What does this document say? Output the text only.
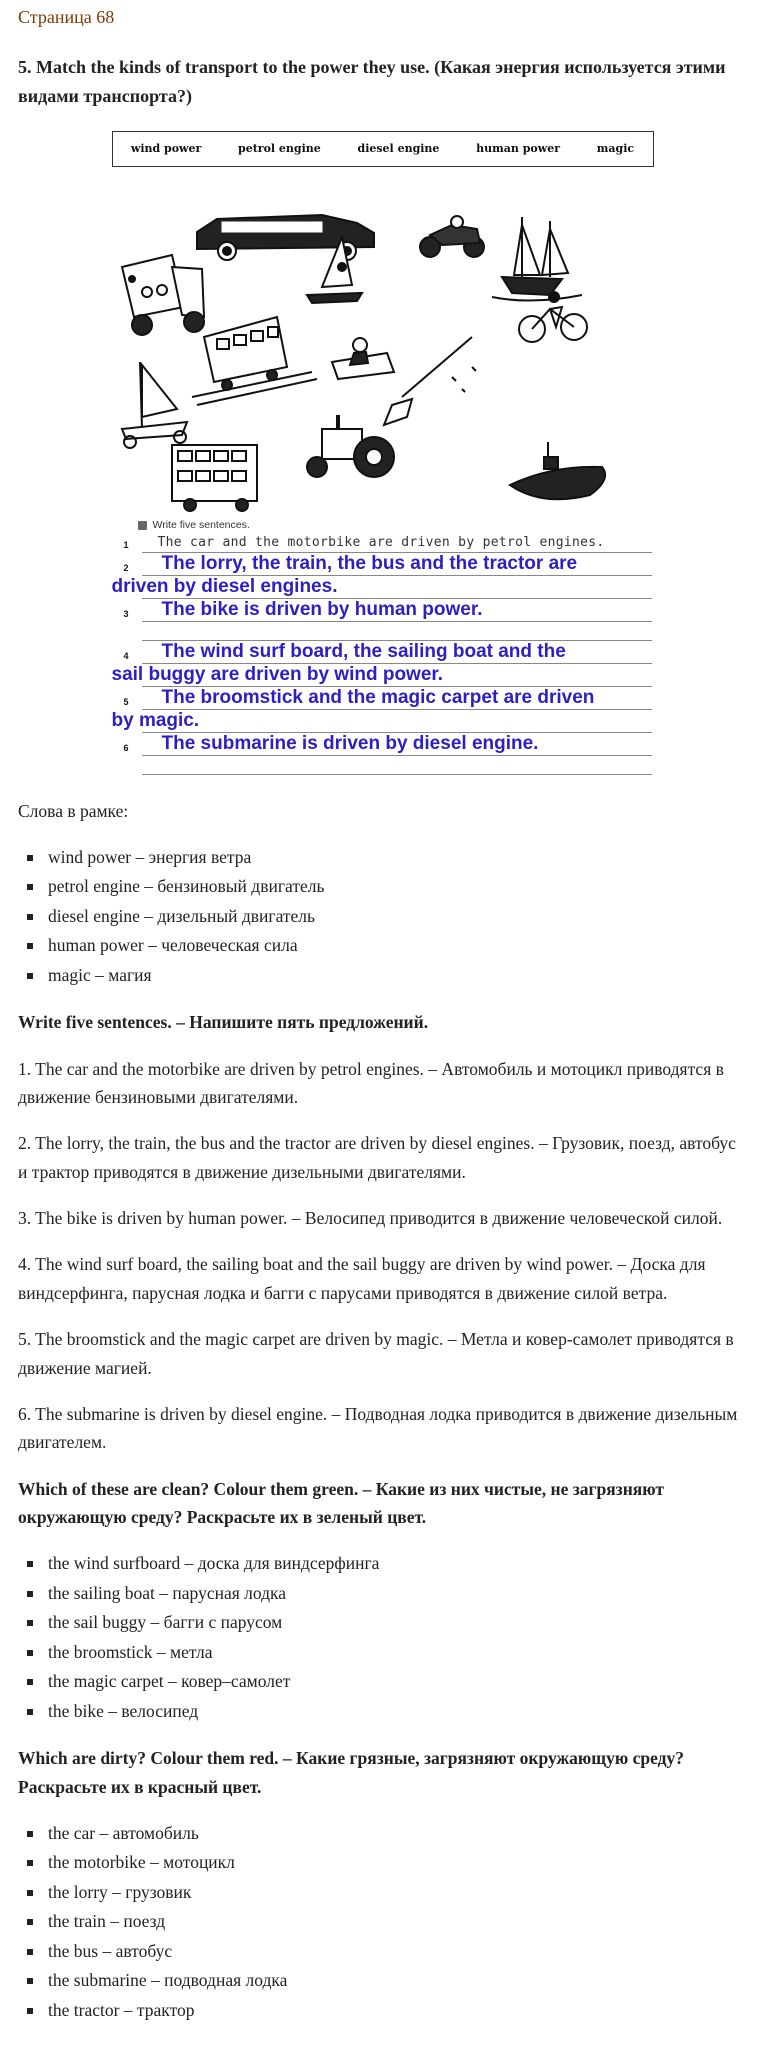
Страница 68
5. Match the kinds of transport to the power they use. (Какая энергия используется этими видами транспорта?)
wind power	petrol engine	diesel engine	human power	magic
Write five sentences.
1	The car and the motorbike are driven by petrol engines.
2	The lorry, the train, the bus and the tractor are
driven by diesel engines.
3	The bike is driven by human power.
4	The wind surf board, the sailing boat and the
sail buggy are driven by wind power.
5	The broomstick and the magic carpet are driven
by magic.
6	The submarine is driven by diesel engine.

Слова в рамке:

wind power – энергия ветра
petrol engine – бензиновый двигатель
diesel engine – дизельный двигатель
human power – человеческая сила
magic – магия

Write five sentences. – Напишите пять предложений.

1. The car and the motorbike are driven by petrol engines. – Автомобиль и мотоцикл приводятся в движение бензиновыми двигателями.

2. The lorry, the train, the bus and the tractor are driven by diesel engines. – Грузовик, поезд, автобус и трактор приводятся в движение дизельными двигателями.

3. The bike is driven by human power. – Велосипед приводится в движение человеческой силой.

4. The wind surf board, the sailing boat and the sail buggy are driven by wind power. – Доска для виндсерфинга, парусная лодка и багги с парусами приводятся в движение силой ветра.

5. The broomstick and the magic carpet are driven by magic. – Метла и ковер-самолет приводятся в движение магией.

6. The submarine is driven by diesel engine. – Подводная лодка приводится в движение дизельным двигателем.

Which of these are clean? Colour them green. – Какие из них чистые, не загрязняют окружающую среду? Раскрасьте их в зеленый цвет.

the wind surfboard – доска для виндсерфинга
the sailing boat – парусная лодка
the sail buggy – багги с парусом
the broomstick – метла
the magic carpet – ковер–самолет
the bike – велосипед

Which are dirty? Colour them red. – Какие грязные, загрязняют окружающую среду? Раскрасьте их в красный цвет.

the car – автомобиль
the motorbike – мотоцикл
the lorry – грузовик
the train – поезд
the bus – автобус
the submarine – подводная лодка
the tractor – трактор
